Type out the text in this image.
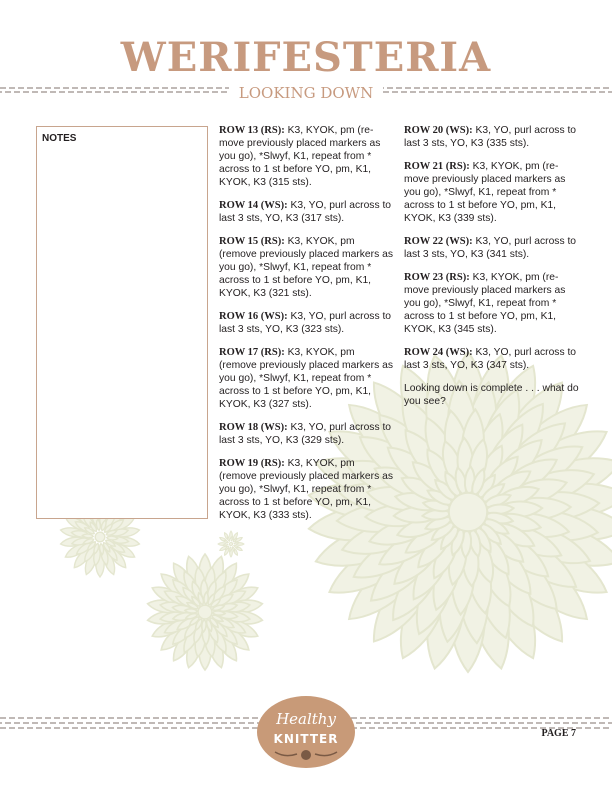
WERIFESTERIA
LOOKING DOWN
NOTES

ROW 13 (RS): K3, KYOK, pm (re-move previously placed markers as you go), *Slwyf, K1, repeat from * across to 1 st before YO, pm, K1, KYOK, K3 (315 sts).

ROW 14 (WS): K3, YO, purl across to last 3 sts, YO, K3 (317 sts).

ROW 15 (RS): K3, KYOK, pm (remove previously placed markers as you go), *Slwyf, K1, repeat from * across to 1 st before YO, pm, K1, KYOK, K3 (321 sts).

ROW 16 (WS): K3, YO, purl across to last 3 sts, YO, K3 (323 sts).

ROW 17 (RS): K3, KYOK, pm (remove previously placed markers as you go), *Slwyf, K1, repeat from * across to 1 st before YO, pm, K1, KYOK, K3 (327 sts).

ROW 18 (WS): K3, YO, purl across to last 3 sts, YO, K3 (329 sts).

ROW 19 (RS): K3, KYOK, pm (remove previously placed markers as you go), *Slwyf, K1, repeat from * across to 1 st before YO, pm, K1, KYOK, K3 (333 sts).

ROW 20 (WS): K3, YO, purl across to last 3 sts, YO, K3 (335 sts).

ROW 21 (RS): K3, KYOK, pm (re-move previously placed markers as you go), *Slwyf, K1, repeat from * across to 1 st before YO, pm, K1, KYOK, K3 (339 sts).

ROW 22 (WS): K3, YO, purl across to last 3 sts, YO, K3 (341 sts).

ROW 23 (RS): K3, KYOK, pm (re-move previously placed markers as you go), *Slwyf, K1, repeat from * across to 1 st before YO, pm, K1, KYOK, K3 (345 sts).

ROW 24 (WS): K3, YO, purl across to last 3 sts, YO, K3 (347 sts).

Looking down is complete . . . what do you see?

Healthy
KNITTER	PAGE 7
